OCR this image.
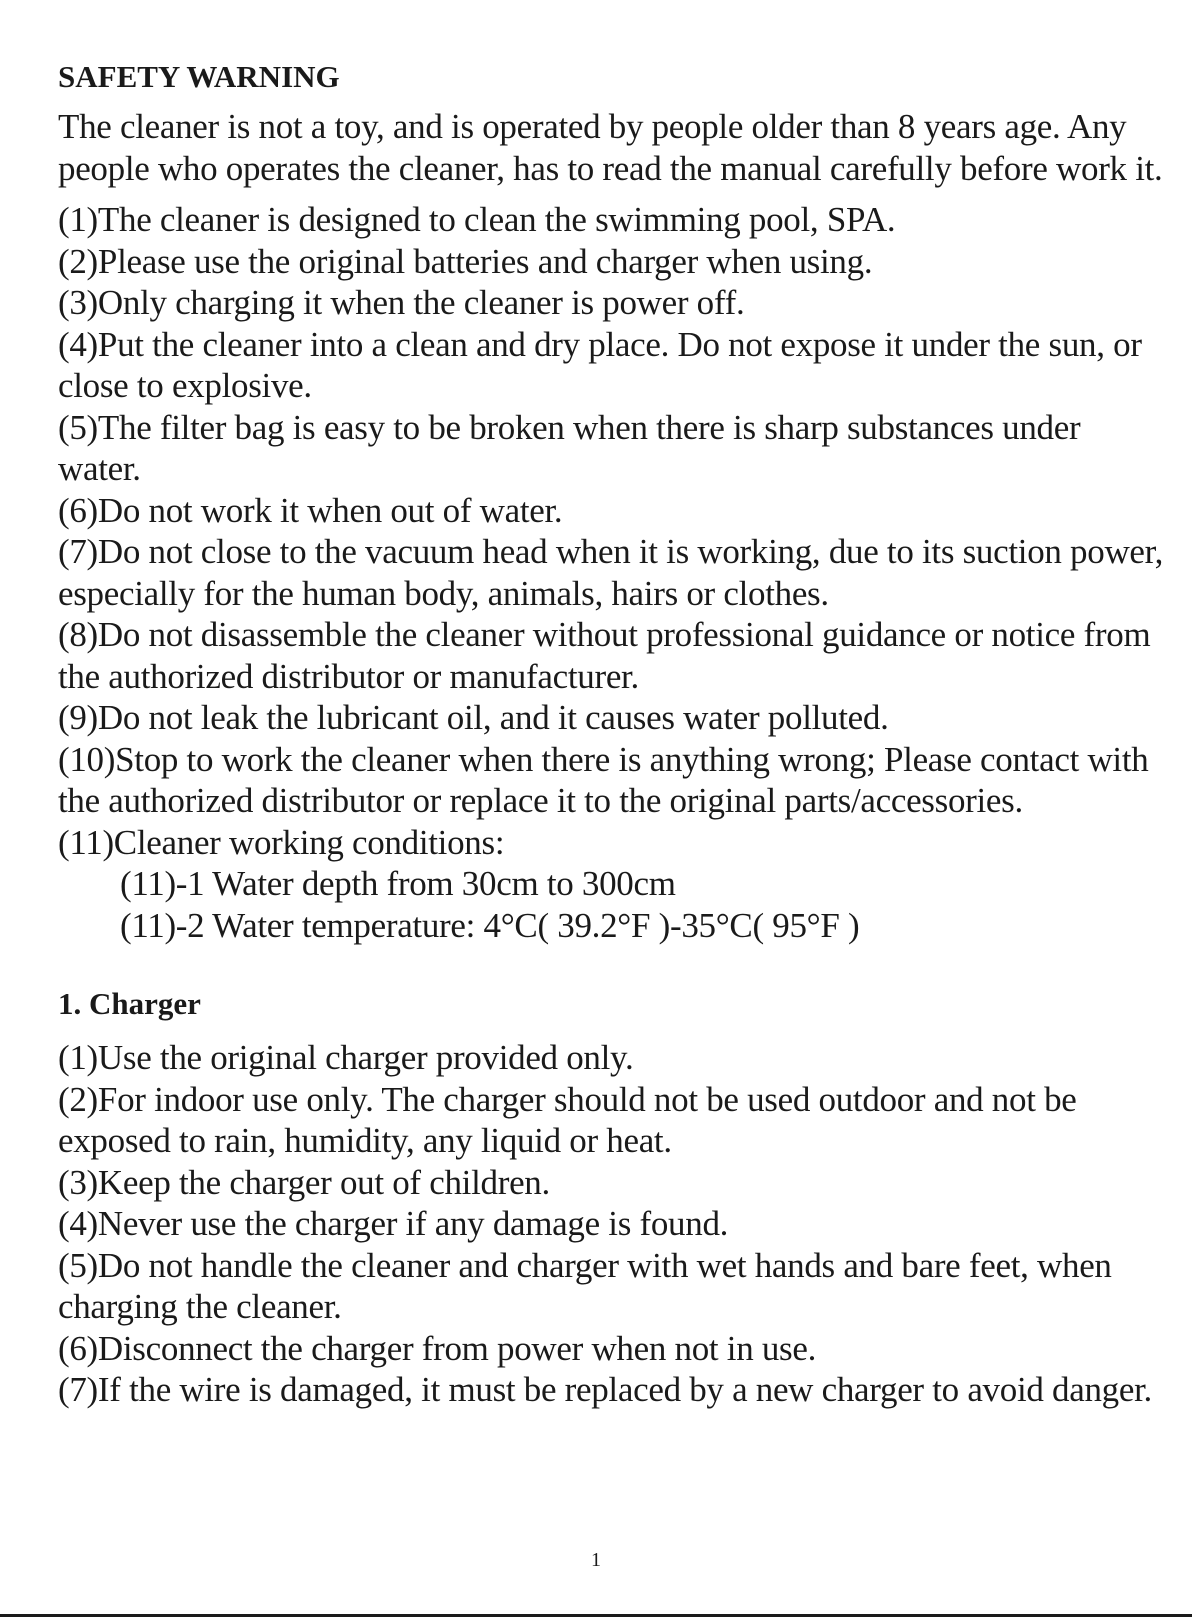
SAFETY WARNING

The cleaner is not a toy, and is operated by people older than 8 years age. Any people who operates the cleaner, has to read the manual carefully before work it.

(1)The cleaner is designed to clean the swimming pool, SPA.
(2)Please use the original batteries and charger when using.
(3)Only charging it when the cleaner is power off.
(4)Put the cleaner into a clean and dry place. Do not expose it under the sun, or close to explosive.
(5)The filter bag is easy to be broken when there is sharp substances under water.
(6)Do not work it when out of water.
(7)Do not close to the vacuum head when it is working, due to its suction power, especially for the human body, animals, hairs or clothes.
(8)Do not disassemble the cleaner without professional guidance or notice from the authorized distributor or manufacturer.
(9)Do not leak the lubricant oil, and it causes water polluted.
(10)Stop to work the cleaner when there is anything wrong; Please contact with the authorized distributor or replace it to the original parts/accessories.
(11)Cleaner working conditions:
(11)-1 Water depth from 30cm to 300cm
(11)-2 Water temperature: 4°C( 39.2°F )-35°C( 95°F )
1. Charger
(1)Use the original charger provided only.
(2)For indoor use only. The charger should not be used outdoor and not be exposed to rain, humidity, any liquid or heat.
(3)Keep the charger out of children.
(4)Never use the charger if any damage is found.
(5)Do not handle the cleaner and charger with wet hands and bare feet, when charging the cleaner.
(6)Disconnect the charger from power when not in use.
(7)If the wire is damaged, it must be replaced by a new charger to avoid danger.
1
